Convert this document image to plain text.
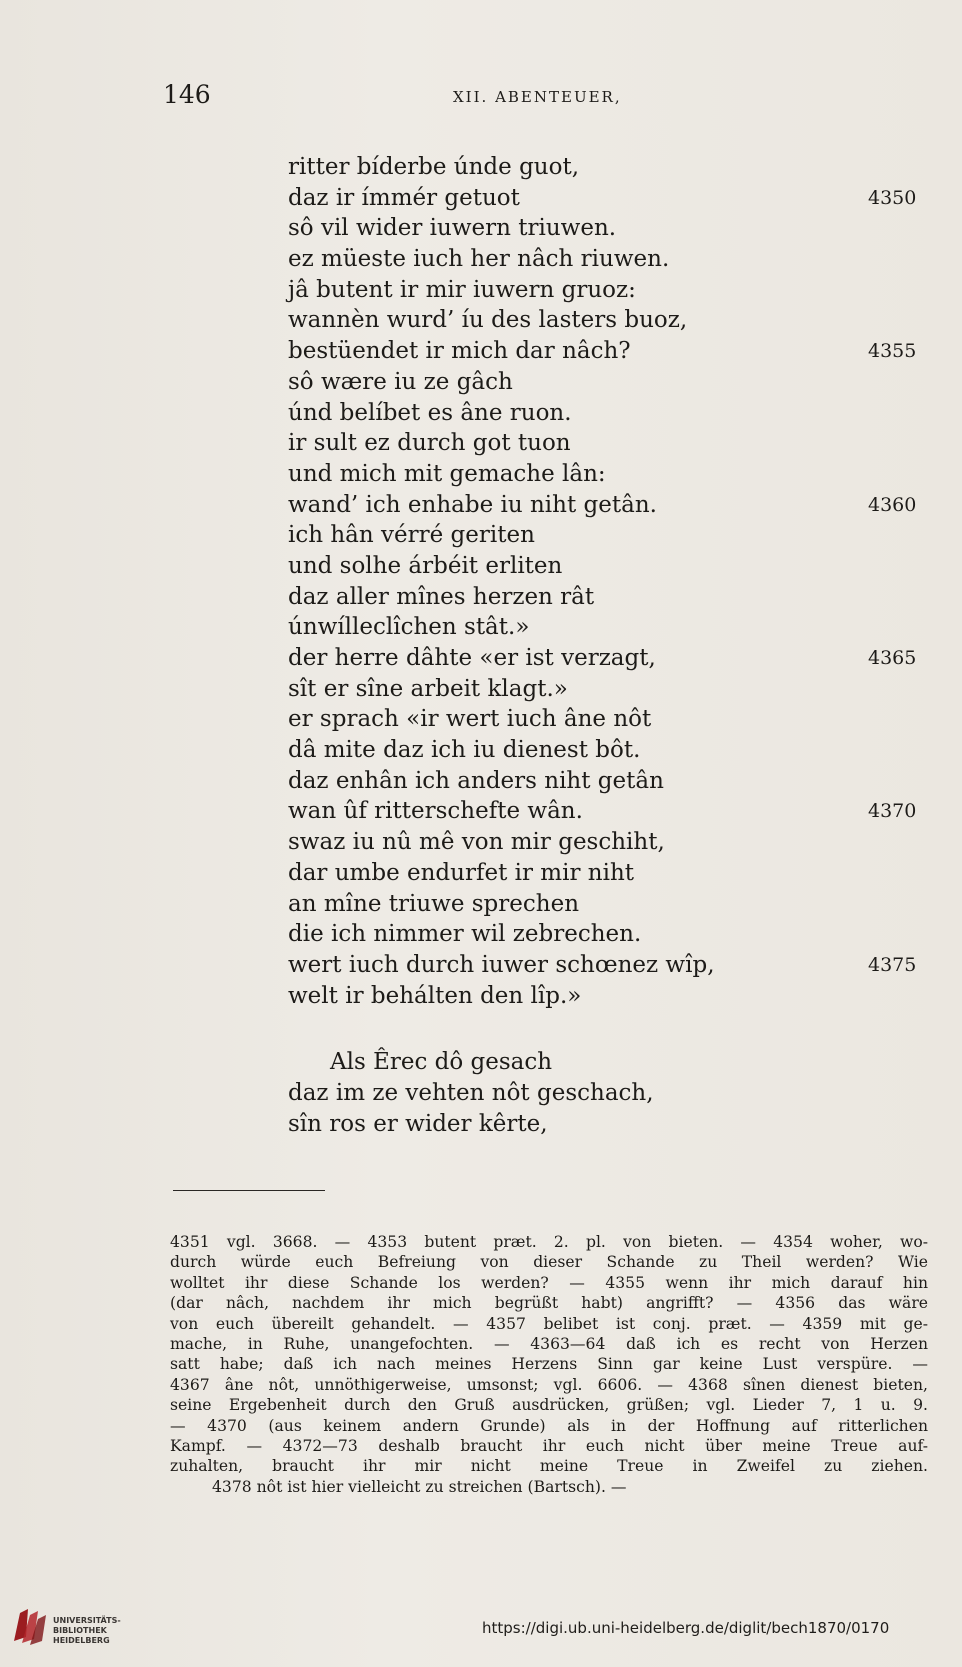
146	XII. ABENTEUER,
ritter bíderbe únde guot,
daz ir ímmér getuot	4350
sô vil wider iuwern triuwen.
ez müeste iuch her nâch riuwen.
jâ butent ir mir iuwern gruoz:
wannèn wurd’ íu des lasters buoz,
bestüendet ir mich dar nâch?	4355
sô wære iu ze gâch
únd belíbet es âne ruon.
ir sult ez durch got tuon
und mich mit gemache lân:
wand’ ich enhabe iu niht getân.	4360
ich hân vérré geriten
und solhe árbéit erliten
daz aller mînes herzen rât
únwílleclîchen stât.»
der herre dâhte «er ist verzagt,	4365
sît er sîne arbeit klagt.»
er sprach «ir wert iuch âne nôt
dâ mite daz ich iu dienest bôt.
daz enhân ich anders niht getân
wan ûf ritterschefte wân.	4370
swaz iu nû mê von mir geschiht,
dar umbe endurfet ir mir niht
an mîne triuwe sprechen
die ich nimmer wil zebrechen.
wert iuch durch iuwer schœnez wîp,	4375
welt ir behálten den lîp.»
Als Êrec dô gesach
daz im ze vehten nôt geschach,
sîn ros er wider kêrte,

4351 vgl. 3668. — 4353 butent præt. 2. pl. von bieten. — 4354 woher, wo-

durch würde euch Befreiung von dieser Schande zu Theil werden? Wie

wolltet ihr diese Schande los werden? — 4355 wenn ihr mich darauf hin

(dar nâch, nachdem ihr mich begrüßt habt) angrifft? — 4356 das wäre

von euch übereilt gehandelt. — 4357 belibet ist conj. præt. — 4359 mit ge-

mache, in Ruhe, unangefochten. — 4363—64 daß ich es recht von Herzen

satt habe; daß ich nach meines Herzens Sinn gar keine Lust verspüre. —

4367 âne nôt, unnöthigerweise, umsonst; vgl. 6606. — 4368 sînen dienest bieten,

seine Ergebenheit durch den Gruß ausdrücken, grüßen; vgl. Lieder 7, 1 u. 9.

— 4370 (aus keinem andern Grunde) als in der Hoffnung auf ritterlichen

Kampf. — 4372—73 deshalb braucht ihr euch nicht über meine Treue auf-

zuhalten, braucht ihr mir nicht meine Treue in Zweifel zu ziehen.

4378 nôt ist hier vielleicht zu streichen (Bartsch). —

UNIVERSITÄTS-
BIBLIOTHEK
HEIDELBERG
https://digi.ub.uni-heidelberg.de/diglit/bech1870/0170
